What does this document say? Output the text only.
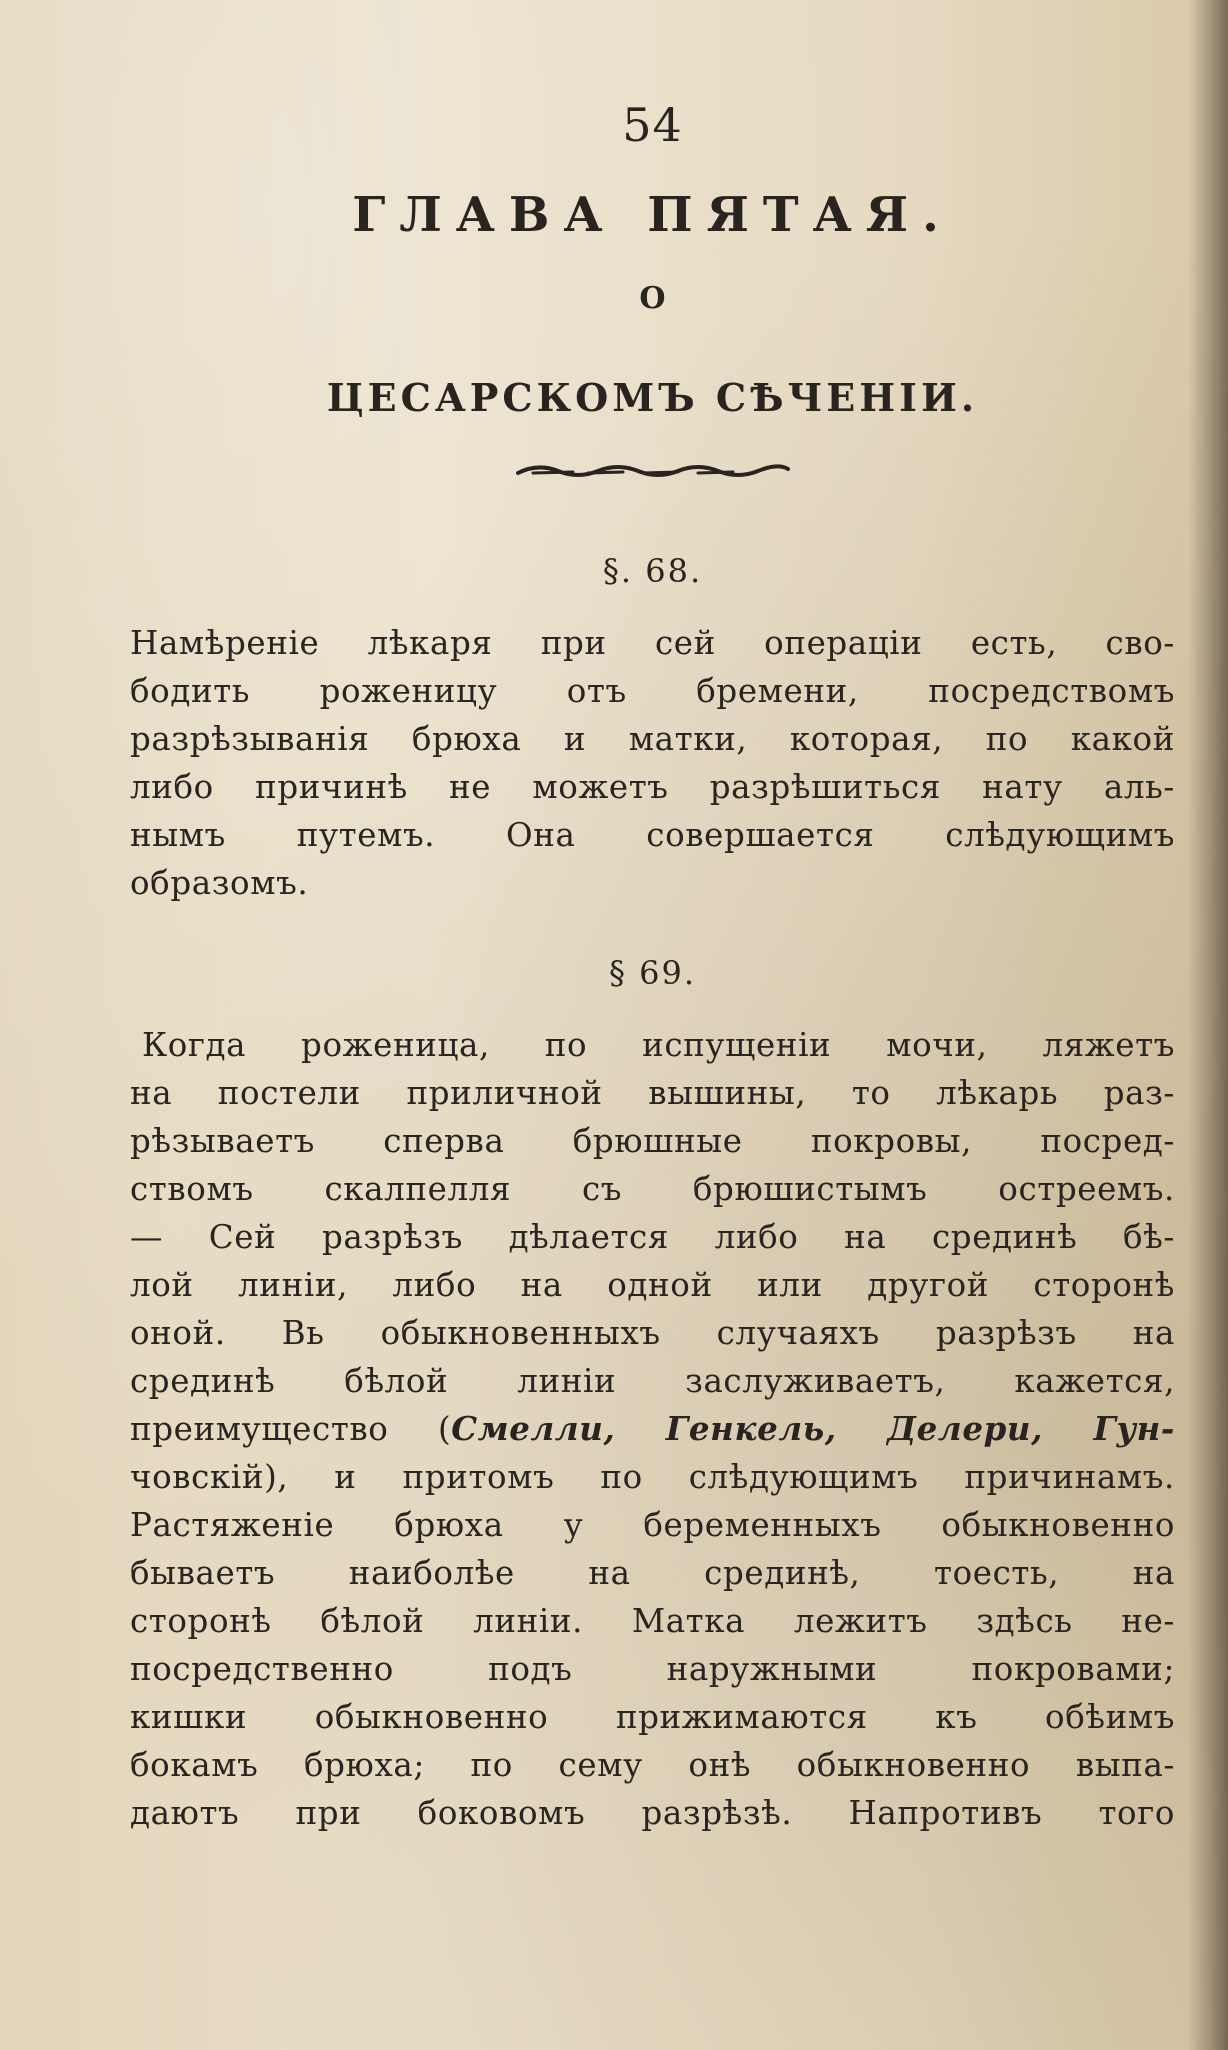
54
ГЛАВА ПЯТАЯ.
О
ЦЕСАРСКОМЪ СѢЧЕНІИ.
§. 68.
Намѣреніе лѣкаря при сей операціи есть, сво-
бодить роженицу отъ бремени, посредствомъ
разрѣзыванія брюха и матки, которая, по какой
либо причинѣ не можетъ разрѣшиться нату аль-
нымъ путемъ. Она совершается слѣдующимъ
образомъ.
§ 69.
Когда роженица, по испущеніи мочи, ляжетъ
на постели приличной вышины, то лѣкарь раз-
рѣзываетъ сперва брюшные покровы, посред-
ствомъ скалпелля съ брюшистымъ остреемъ.
— Сей разрѣзъ дѣлается либо на срединѣ бѣ-
лой линіи, либо на одной или другой сторонѣ
оной. Вь обыкновенныхъ случаяхъ разрѣзъ на
срединѣ бѣлой линіи заслуживаетъ, кажется,
преимущество (Смелли, Генкель, Делери, Гун-
човскій), и притомъ по слѣдующимъ причинамъ.
Растяженіе брюха у беременныхъ обыкновенно
бываетъ наиболѣе на срединѣ, тоесть, на
сторонѣ бѣлой линіи. Матка лежитъ здѣсь не-
посредственно подъ наружными покровами;
кишки обыкновенно прижимаются къ обѣимъ
бокамъ брюха; по сему онѣ обыкновенно выпа-
даютъ при боковомъ разрѣзѣ. Напротивъ того
